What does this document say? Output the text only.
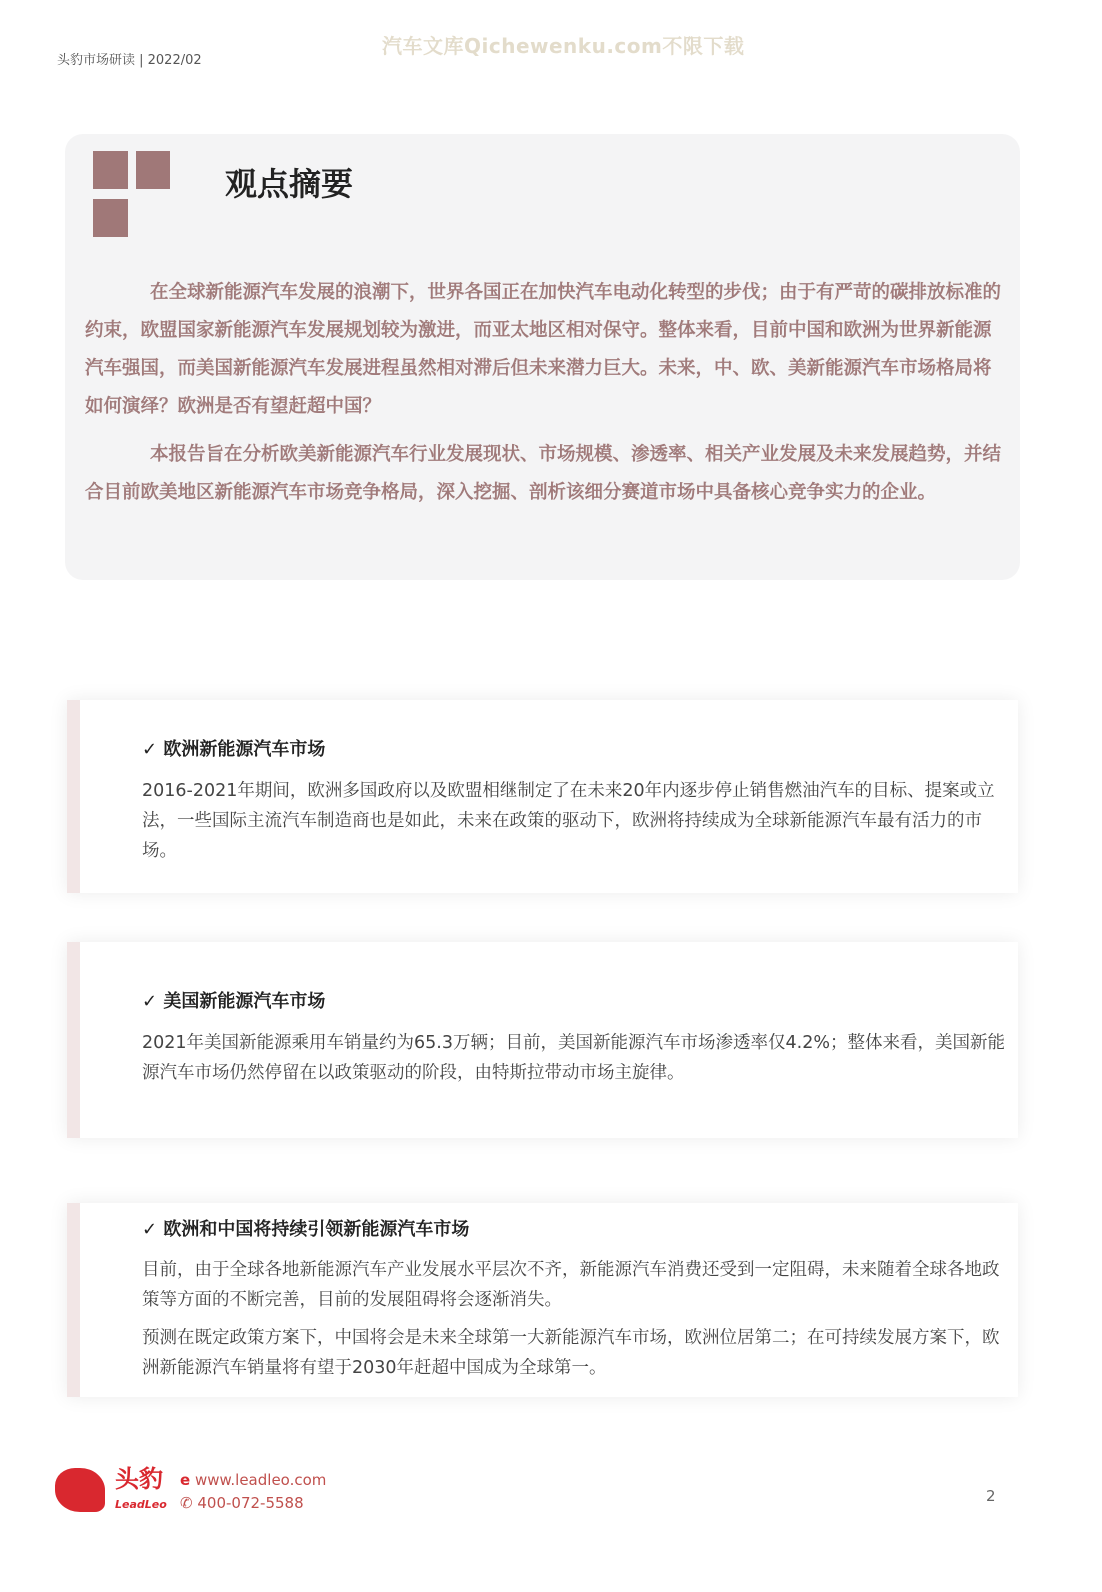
头豹市场研读 | 2022/02
汽车文库Qichewenku.com不限下载
观点摘要

在全球新能源汽车发展的浪潮下，世界各国正在加快汽车电动化转型的步伐；由于有严苛的碳排放标准的约束，欧盟国家新能源汽车发展规划较为激进，而亚太地区相对保守。整体来看，目前中国和欧洲为世界新能源汽车强国，而美国新能源汽车发展进程虽然相对滞后但未来潜力巨大。未来，中、欧、美新能源汽车市场格局将如何演绎？欧洲是否有望赶超中国？

本报告旨在分析欧美新能源汽车行业发展现状、市场规模、渗透率、相关产业发展及未来发展趋势，并结合目前欧美地区新能源汽车市场竞争格局，深入挖掘、剖析该细分赛道市场中具备核心竞争实力的企业。

✓ 欧洲新能源汽车市场

2016-2021年期间，欧洲多国政府以及欧盟相继制定了在未来20年内逐步停止销售燃油汽车的目标、提案或立法，一些国际主流汽车制造商也是如此，未来在政策的驱动下，欧洲将持续成为全球新能源汽车最有活力的市场。

✓ 美国新能源汽车市场

2021年美国新能源乘用车销量约为65.3万辆；目前，美国新能源汽车市场渗透率仅4.2%；整体来看，美国新能源汽车市场仍然停留在以政策驱动的阶段，由特斯拉带动市场主旋律。

✓ 欧洲和中国将持续引领新能源汽车市场

目前，由于全球各地新能源汽车产业发展水平层次不齐，新能源汽车消费还受到一定阻碍，未来随着全球各地政策等方面的不断完善，目前的发展阻碍将会逐渐消失。

预测在既定政策方案下，中国将会是未来全球第一大新能源汽车市场，欧洲位居第二；在可持续发展方案下，欧洲新能源汽车销量将有望于2030年赶超中国成为全球第一。

头豹
LeadLeo
e www.leadleo.com
✆ 400-072-5588	2
